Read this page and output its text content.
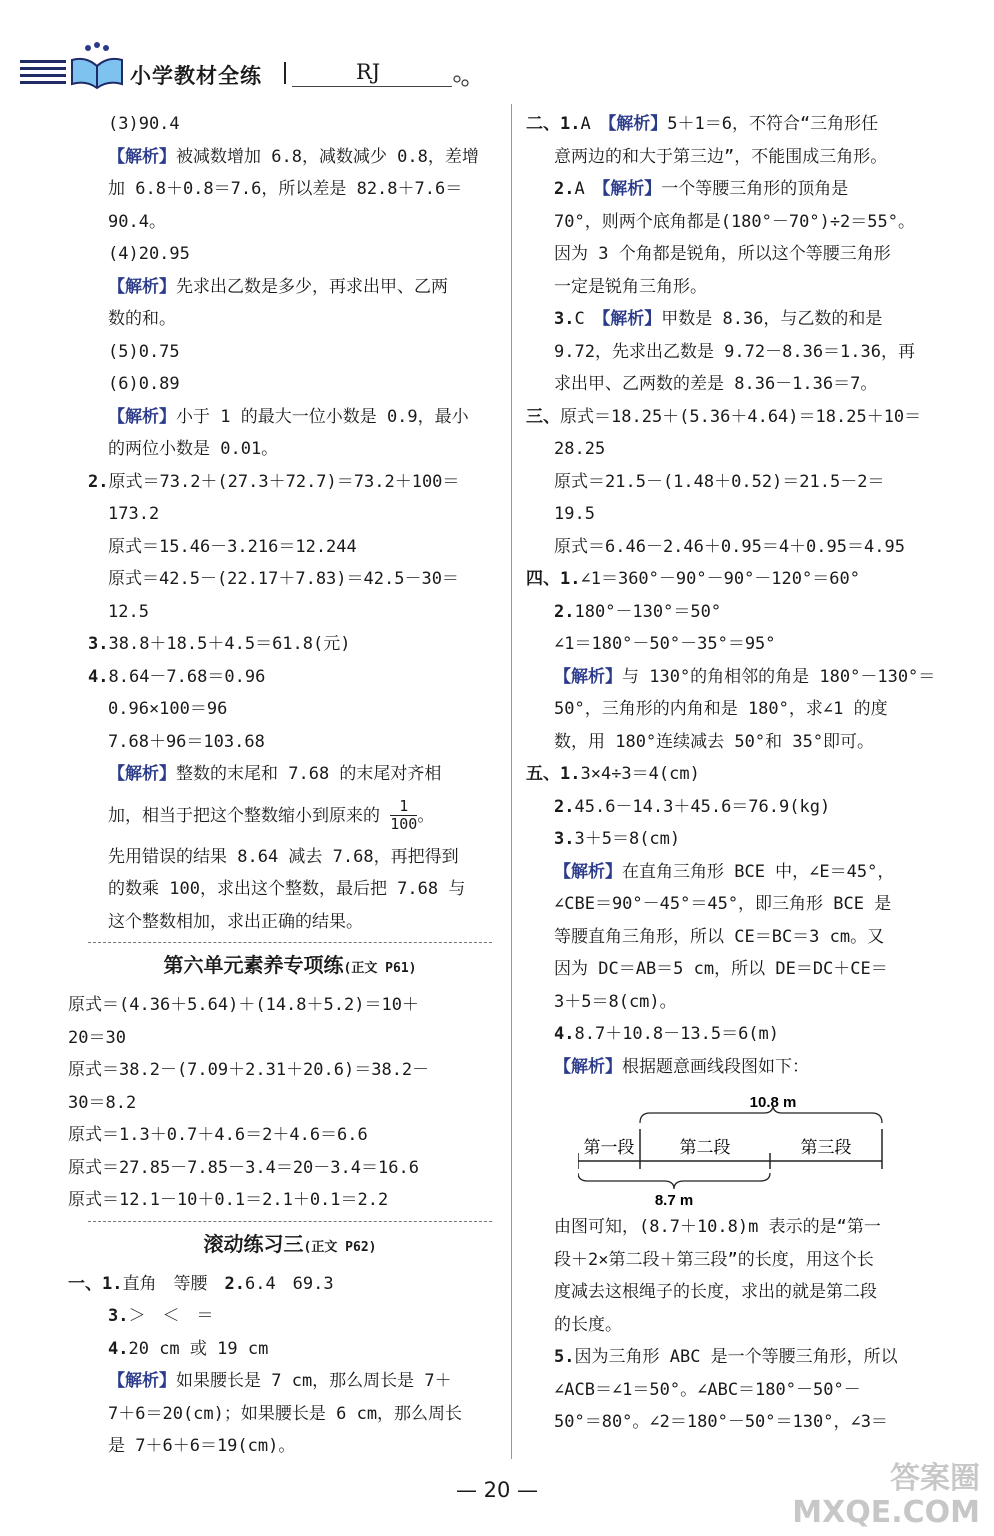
小学教材全练	RJ
(3)90.4
【解析】被减数增加 6.8，减数减少 0.8，差增
加 6.8＋0.8＝7.6，所以差是 82.8＋7.6＝
90.4。
(4)20.95
【解析】先求出乙数是多少，再求出甲、乙两
数的和。
(5)0.75
(6)0.89
【解析】小于 1 的最大一位小数是 0.9，最小
的两位小数是 0.01。
2.原式＝73.2＋(27.3＋72.7)＝73.2＋100＝
173.2
原式＝15.46－3.216＝12.244
原式＝42.5－(22.17＋7.83)＝42.5－30＝
12.5
3.38.8＋18.5＋4.5＝61.8(元)
4.8.64－7.68＝0.96
0.96×100＝96
7.68＋96＝103.68
【解析】整数的末尾和 7.68 的末尾对齐相
加，相当于把这个整数缩小到原来的 $\frac{1}{100}$ 。
先用错误的结果 8.64 减去 7.68，再把得到
的数乘 100，求出这个整数，最后把 7.68 与
这个整数相加，求出正确的结果。
第六单元素养专项练(正文 P61)
原式＝(4.36＋5.64)＋(14.8＋5.2)＝10＋
20＝30
原式＝38.2－(7.09＋2.31＋20.6)＝38.2－
30＝8.2
原式＝1.3＋0.7＋4.6＝2＋4.6＝6.6
原式＝27.85－7.85－3.4＝20－3.4＝16.6
原式＝12.1－10＋0.1＝2.1＋0.1＝2.2
滚动练习三(正文 P62)
一、1.直角　等腰　 2.6.4　69.3
3.＞　＜　＝
4.20 cm 或 19 cm
【解析】如果腰长是 7 cm，那么周长是 7＋
7＋6＝20(cm)；如果腰长是 6 cm，那么周长
是 7＋6＋6＝19(cm)。
二、1.A　 【解析】5＋1＝6，不符合“三角形任
意两边的和大于第三边”，不能围成三角形。
2.A　 【解析】一个等腰三角形的顶角是
70°，则两个底角都是(180°－70°)÷2＝55°。
因为 3 个角都是锐角，所以这个等腰三角形
一定是锐角三角形。
3.C　 【解析】甲数是 8.36，与乙数的和是
9.72，先求出乙数是 9.72－8.36＝1.36，再
求出甲、乙两数的差是 8.36－1.36＝7。
三、原式＝18.25＋(5.36＋4.64)＝18.25＋10＝
28.25
原式＝21.5－(1.48＋0.52)＝21.5－2＝
19.5
原式＝6.46－2.46＋0.95＝4＋0.95＝4.95
四、1.∠1＝360°－90°－90°－120°＝60°
2.180°－130°＝50°
∠1＝180°－50°－35°＝95°
【解析】与 130°的角相邻的角是 180°－130°＝
50°，三角形的内角和是 180°，求∠1 的度
数，用 180°连续减去 50°和 35°即可。
五、1.3×4÷3＝4(cm)
2.45.6－14.3＋45.6＝76.9(kg)
3.3＋5＝8(cm)
【解析】在直角三角形 BCE 中，∠E＝45°，
∠CBE＝90°－45°＝45°，即三角形 BCE 是
等腰直角三角形，所以 CE＝BC＝3 cm。又
因为 DC＝AB＝5 cm，所以 DE＝DC＋CE＝
3＋5＝8(cm)。
4.8.7＋10.8－13.5＝6(m)
【解析】根据题意画线段图如下：
10.8 m
第一段	第二段	第三段
8.7 m
由图可知，(8.7＋10.8)m 表示的是“第一
段＋2×第二段＋第三段”的长度，用这个长
度减去这根绳子的长度，求出的就是第二段
的长度。
5.因为三角形 ABC 是一个等腰三角形，所以
∠ACB＝∠1＝50°。∠ABC＝180°－50°－
50°＝80°。∠2＝180°－50°＝130°，∠3＝
— 20 —	答案圈
MXQE.COM
